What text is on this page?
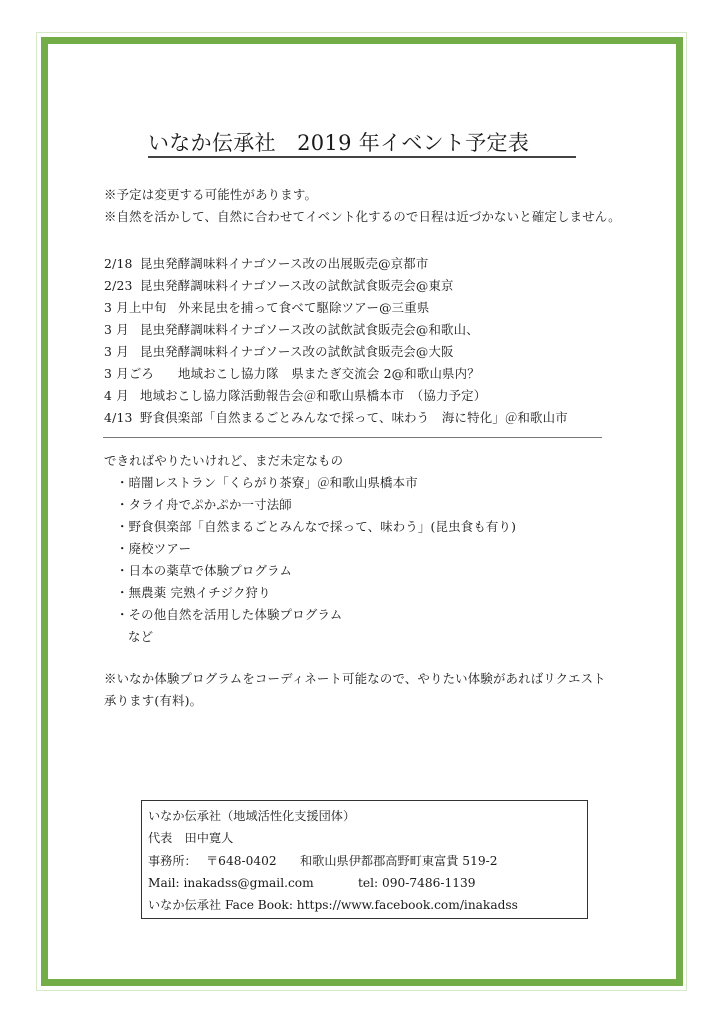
いなか伝承社　2019 年イベント予定表
※予定は変更する可能性があります。
※自然を活かして、自然に合わせてイベント化するので日程は近づかないと確定しません。
2/18 昆虫発酵調味料イナゴソース改の出展販売@京都市
2/23 昆虫発酵調味料イナゴソース改の試飲試食販売会@東京
3 月上中旬 外来昆虫を捕って食べて駆除ツアー@三重県
3 月 昆虫発酵調味料イナゴソース改の試飲試食販売会@和歌山、
3 月 昆虫発酵調味料イナゴソース改の試飲試食販売会@大阪
3 月ごろ 地域おこし協力隊　県またぎ交流会 2@和歌山県内？
4 月 地域おこし協力隊活動報告会＠和歌山県橋本市　（協力予定）
4/13 野食倶楽部「自然まるごとみんなで採って、味わう　海に特化」＠和歌山市
できればやりたいけれど、まだ未定なもの
・暗闇レストラン「くらがり茶寮」＠和歌山県橋本市
・タライ舟でぷかぷか一寸法師
・野食倶楽部「自然まるごとみんなで採って、味わう」(昆虫食も有り)
・廃校ツアー
・日本の薬草で体験プログラム
・無農薬 完熟イチジク狩り
・その他自然を活用した体験プログラム
など
※いなか体験プログラムをコーディネート可能なので、やりたい体験があればリクエスト
承ります(有料)。
いなか伝承社（地域活性化支援団体）
代表　田中寛人
事務所： 〒648-0402 和歌山県伊都郡高野町東富貴 519-2
Mail: inakadss@gmail.com	tel: 090-7486-1139
いなか伝承社 Face Book: https://www.facebook.com/inakadss
